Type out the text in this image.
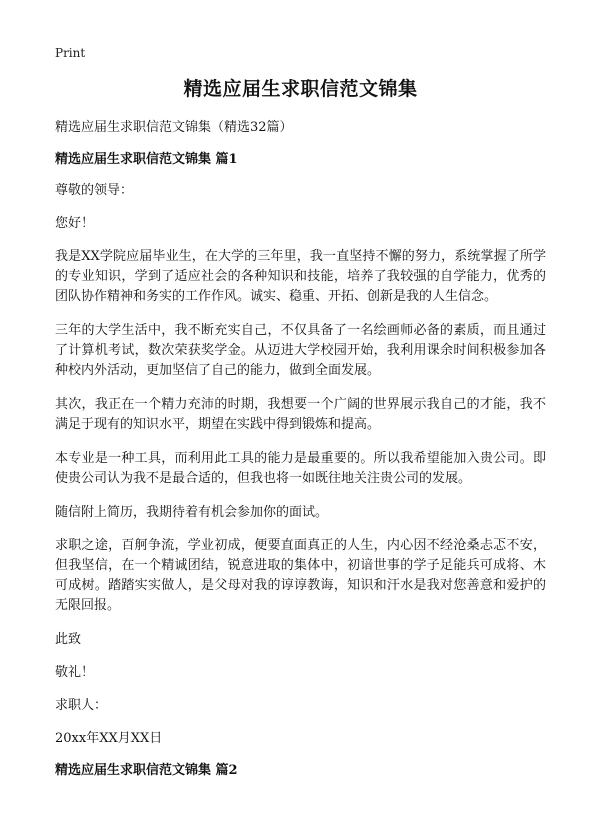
Print
精选应届生求职信范文锦集
精选应届生求职信范文锦集（精选32篇）
精选应届生求职信范文锦集 篇1

尊敬的领导：

您好！

我是XX学院应届毕业生，在大学的三年里，我一直坚持不懈的努力，系统掌握了所学的专业知识，学到了适应社会的各种知识和技能，培养了我较强的自学能力，优秀的团队协作精神和务实的工作作风。诚实、稳重、开拓、创新是我的人生信念。

三年的大学生活中，我不断充实自己，不仅具备了一名绘画师必备的素质，而且通过了计算机考试，数次荣获奖学金。从迈进大学校园开始，我利用课余时间积极参加各种校内外活动，更加坚信了自己的能力，做到全面发展。

其次，我正在一个精力充沛的时期，我想要一个广阔的世界展示我自己的才能，我不满足于现有的知识水平，期望在实践中得到锻炼和提高。

本专业是一种工具，而利用此工具的能力是最重要的。所以我希望能加入贵公司。即使贵公司认为我不是最合适的，但我也将一如既往地关注贵公司的发展。

随信附上简历，我期待着有机会参加你的面试。

求职之途，百舸争流，学业初成，便要直面真正的人生，内心因不经沧桑忐忑不安，但我坚信，在一个精诚团结，锐意进取的集体中，初谙世事的学子足能兵可成将、木可成树。踏踏实实做人，是父母对我的谆谆教诲，知识和汗水是我对您善意和爱护的无限回报。

此致

敬礼！

求职人：

20xx年XX月XX日

精选应届生求职信范文锦集 篇2
